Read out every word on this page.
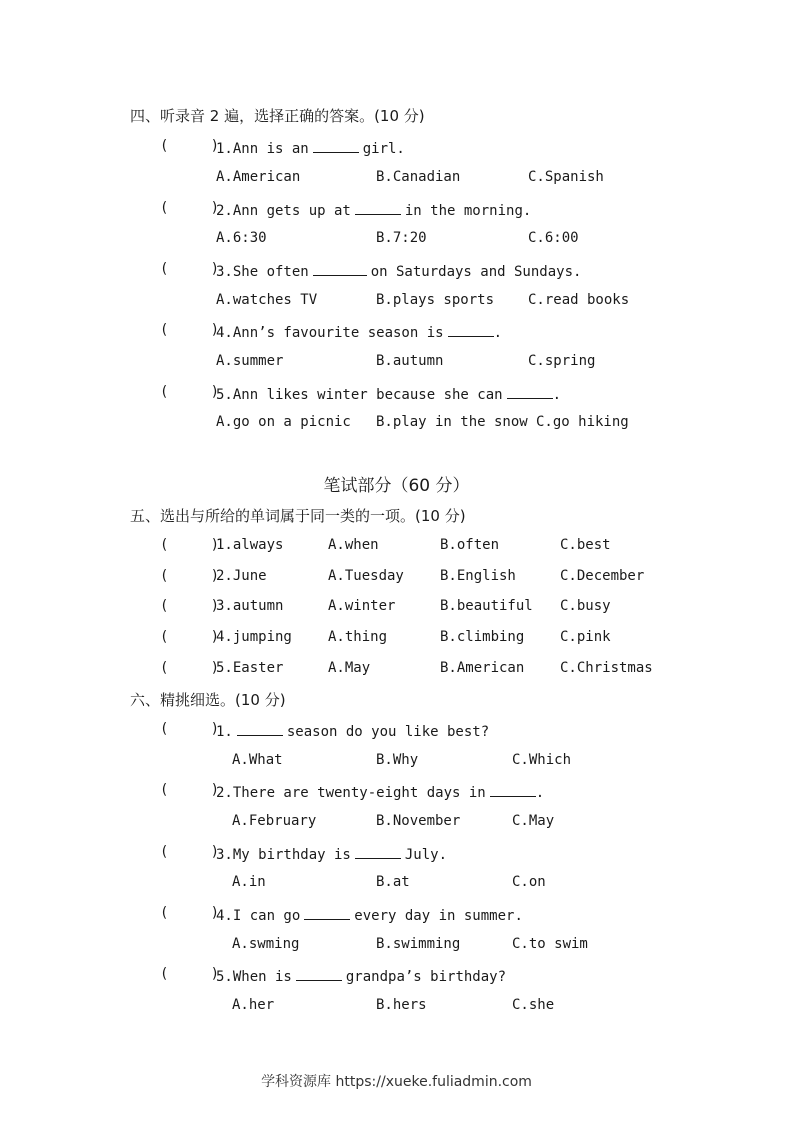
四、听录音 2 遍，选择正确的答案。(10 分)
(     )
1.Ann is an	girl.
A.American	B.Canadian	C.Spanish
(     )
2.Ann gets up at	in the morning.
A.6:30	B.7:20	C.6:00
(     )
3.She often	on Saturdays and Sundays.
A.watches TV	B.plays sports C.read books
(     )
4.Ann’s favourite season is	.
A.summer	B.autumn	C.spring
(     )
5.Ann likes winter because she can	.
A.go on a picnic B.play in the snow C.go hiking
笔试部分（60 分）
五、选出与所给的单词属于同一类的一项。(10 分)
(     )
1.always	A.when	B.often	C.best
(     )
2.June	A.Tuesday	B.English	C.December
(     )
3.autumn	A.winter	B.beautiful C.busy
(     )
4.jumping	A.thing	B.climbing	C.pink
(     )
5.Easter	A.May	B.American	C.Christmas
六、精挑细选。(10 分)
(     )
1.	season do you like best?
A.What	B.Why	C.Which
(     )
2.There are twenty-eight days in	.
A.February	B.November	C.May
(     )
3.My birthday is	July.
A.in	B.at	C.on
(     )
4.I can go	every day in summer.
A.swming	B.swimming	C.to swim
(     )
5.When is	grandpa’s birthday?
A.her	B.hers	C.she
学科资源库 https://xueke.fuliadmin.com
